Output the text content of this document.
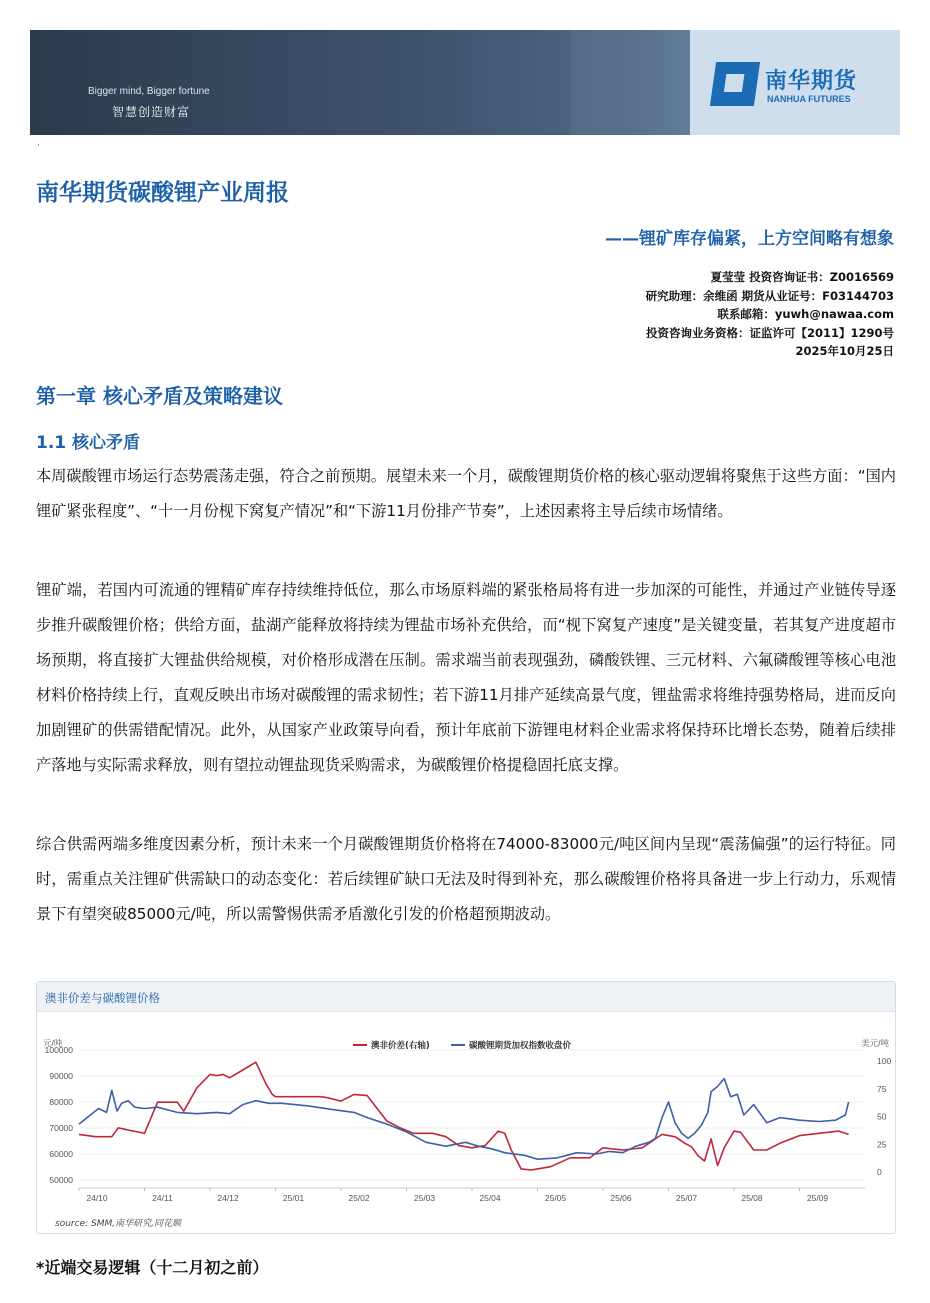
Bigger mind, Bigger fortune
智慧创造财富
南华期货
NANHUA FUTURES
·
南华期货碳酸锂产业周报
——锂矿库存偏紧，上方空间略有想象
夏莹莹 投资咨询证书：Z0016569
研究助理：余维函 期货从业证号：F03144703
联系邮箱：yuwh@nawaa.com
投资咨询业务资格：证监许可【2011】1290号
2025年10月25日
第一章 核心矛盾及策略建议
1.1 核心矛盾

本周碳酸锂市场运行态势震荡走强，符合之前预期。展望未来一个月，碳酸锂期货价格的核心驱动逻辑将聚焦于这些方面：“国内锂矿紧张程度”、“十一月份枧下窝复产情况”和“下游11月份排产节奏”，上述因素将主导后续市场情绪。

锂矿端，若国内可流通的锂精矿库存持续维持低位，那么市场原料端的紧张格局将有进一步加深的可能性，并通过产业链传导逐步推升碳酸锂价格；供给方面，盐湖产能释放将持续为锂盐市场补充供给，而“枧下窝复产速度”是关键变量，若其复产进度超市场预期，将直接扩大锂盐供给规模，对价格形成潜在压制。需求端当前表现强劲，磷酸铁锂、三元材料、六氟磷酸锂等核心电池材料价格持续上行，直观反映出市场对碳酸锂的需求韧性；若下游11月排产延续高景气度，锂盐需求将维持强势格局，进而反向加剧锂矿的供需错配情况。此外，从国家产业政策导向看，预计年底前下游锂电材料企业需求将保持环比增长态势，随着后续排产落地与实际需求释放，则有望拉动锂盐现货采购需求，为碳酸锂价格提稳固托底支撑。

综合供需两端多维度因素分析，预计未来一个月碳酸锂期货价格将在74000-83000元/吨区间内呈现“震荡偏强”的运行特征。同时，需重点关注锂矿供需缺口的动态变化：若后续锂矿缺口无法及时得到补充，那么碳酸锂价格将具备进一步上行动力，乐观情景下有望突破85000元/吨，所以需警惕供需矛盾激化引发的价格超预期波动。

澳非价差与碳酸锂价格
元/吨	美元/吨
100000
90000
80000
70000
60000
50000
100
75
50
25
0
24/10	24/11	24/12	25/01	25/02	25/03	25/04	25/05	25/06	25/07	25/08	25/09
澳非价差(右轴)	碳酸锂期货加权指数收盘价
source: SMM,南华研究,同花顺
*近端交易逻辑（十二月初之前）
